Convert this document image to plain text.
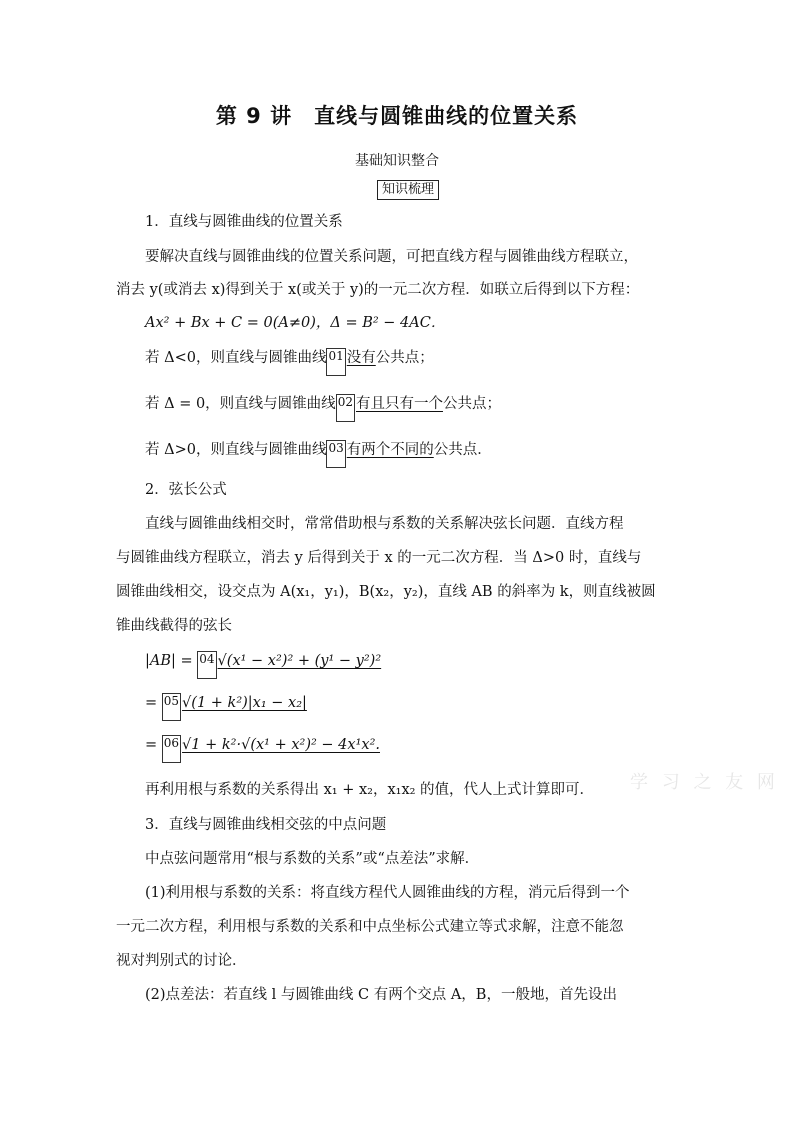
第 9 讲　直线与圆锥曲线的位置关系
基础知识整合
知识梳理
1．直线与圆锥曲线的位置关系
要解决直线与圆锥曲线的位置关系问题，可把直线方程与圆锥曲线方程联立，
消去 y(或消去 x)得到关于 x(或关于 y)的一元二次方程．如联立后得到以下方程：
Ax² + Bx + C = 0(A≠0)，Δ = B² − 4AC．
若 Δ<0，则直线与圆锥曲线 01 没有公共点；
若 Δ = 0，则直线与圆锥曲线 02 有且只有一个公共点；
若 Δ>0，则直线与圆锥曲线 03 有两个不同的公共点．
2．弦长公式
直线与圆锥曲线相交时，常常借助根与系数的关系解决弦长问题．直线方程
与圆锥曲线方程联立，消去 y 后得到关于 x 的一元二次方程．当 Δ>0 时，直线与
圆锥曲线相交，设交点为 A(x₁，y₁)，B(x₂，y₂)，直线 AB 的斜率为 k，则直线被圆
锥曲线截得的弦长
|AB| = 04 √(x¹ − x²)² + (y¹ − y²)²
= 05 √(1 + k²)|x₁ − x₂|
= 06 √1 + k²·√(x¹ + x²)² − 4x¹x².
学 习 之 友 网
再利用根与系数的关系得出 x₁ + x₂，x₁x₂ 的值，代人上式计算即可．
3．直线与圆锥曲线相交弦的中点问题
中点弦问题常用“根与系数的关系”或“点差法”求解．
(1)利用根与系数的关系：将直线方程代人圆锥曲线的方程，消元后得到一个
一元二次方程，利用根与系数的关系和中点坐标公式建立等式求解，注意不能忽
视对判别式的讨论．
(2)点差法：若直线 l 与圆锥曲线 C 有两个交点 A，B，一般地，首先设出
